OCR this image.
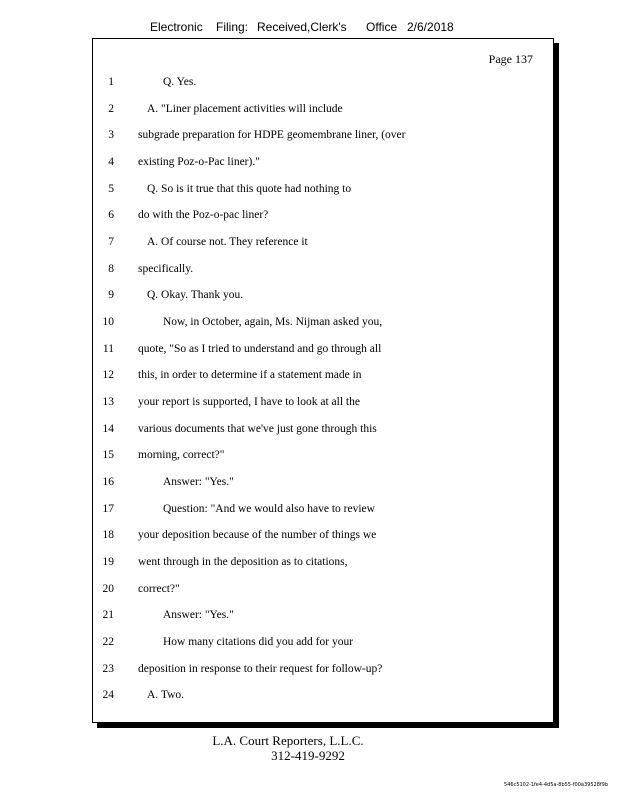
Electronic Filing: Received,Clerk's Office 2/6/2018
Page 137
1	Q. Yes.
2	A. "Liner placement activities will include
3 subgrade preparation for HDPE geomembrane liner, (over
4 existing Poz-o-Pac liner)."
5	Q. So is it true that this quote had nothing to
6 do with the Poz-o-pac liner?
7	A. Of course not. They reference it
8 specifically.
9	Q. Okay. Thank you.
10	Now, in October, again, Ms. Nijman asked you,
11 quote, "So as I tried to understand and go through all
12 this, in order to determine if a statement made in
13 your report is supported, I have to look at all the
14 various documents that we've just gone through this
15 morning, correct?"
16	Answer: "Yes."
17	Question: "And we would also have to review
18 your deposition because of the number of things we
19 went through in the deposition as to citations,
20 correct?"
21	Answer: "Yes."
22	How many citations did you add for your
23 deposition in response to their request for follow-up?
24	A. Two.
L.A. Court Reporters, L.L.C.
312-419-9292
546c5102-1fe4-4d5a-8b55-f00a39528f9b
